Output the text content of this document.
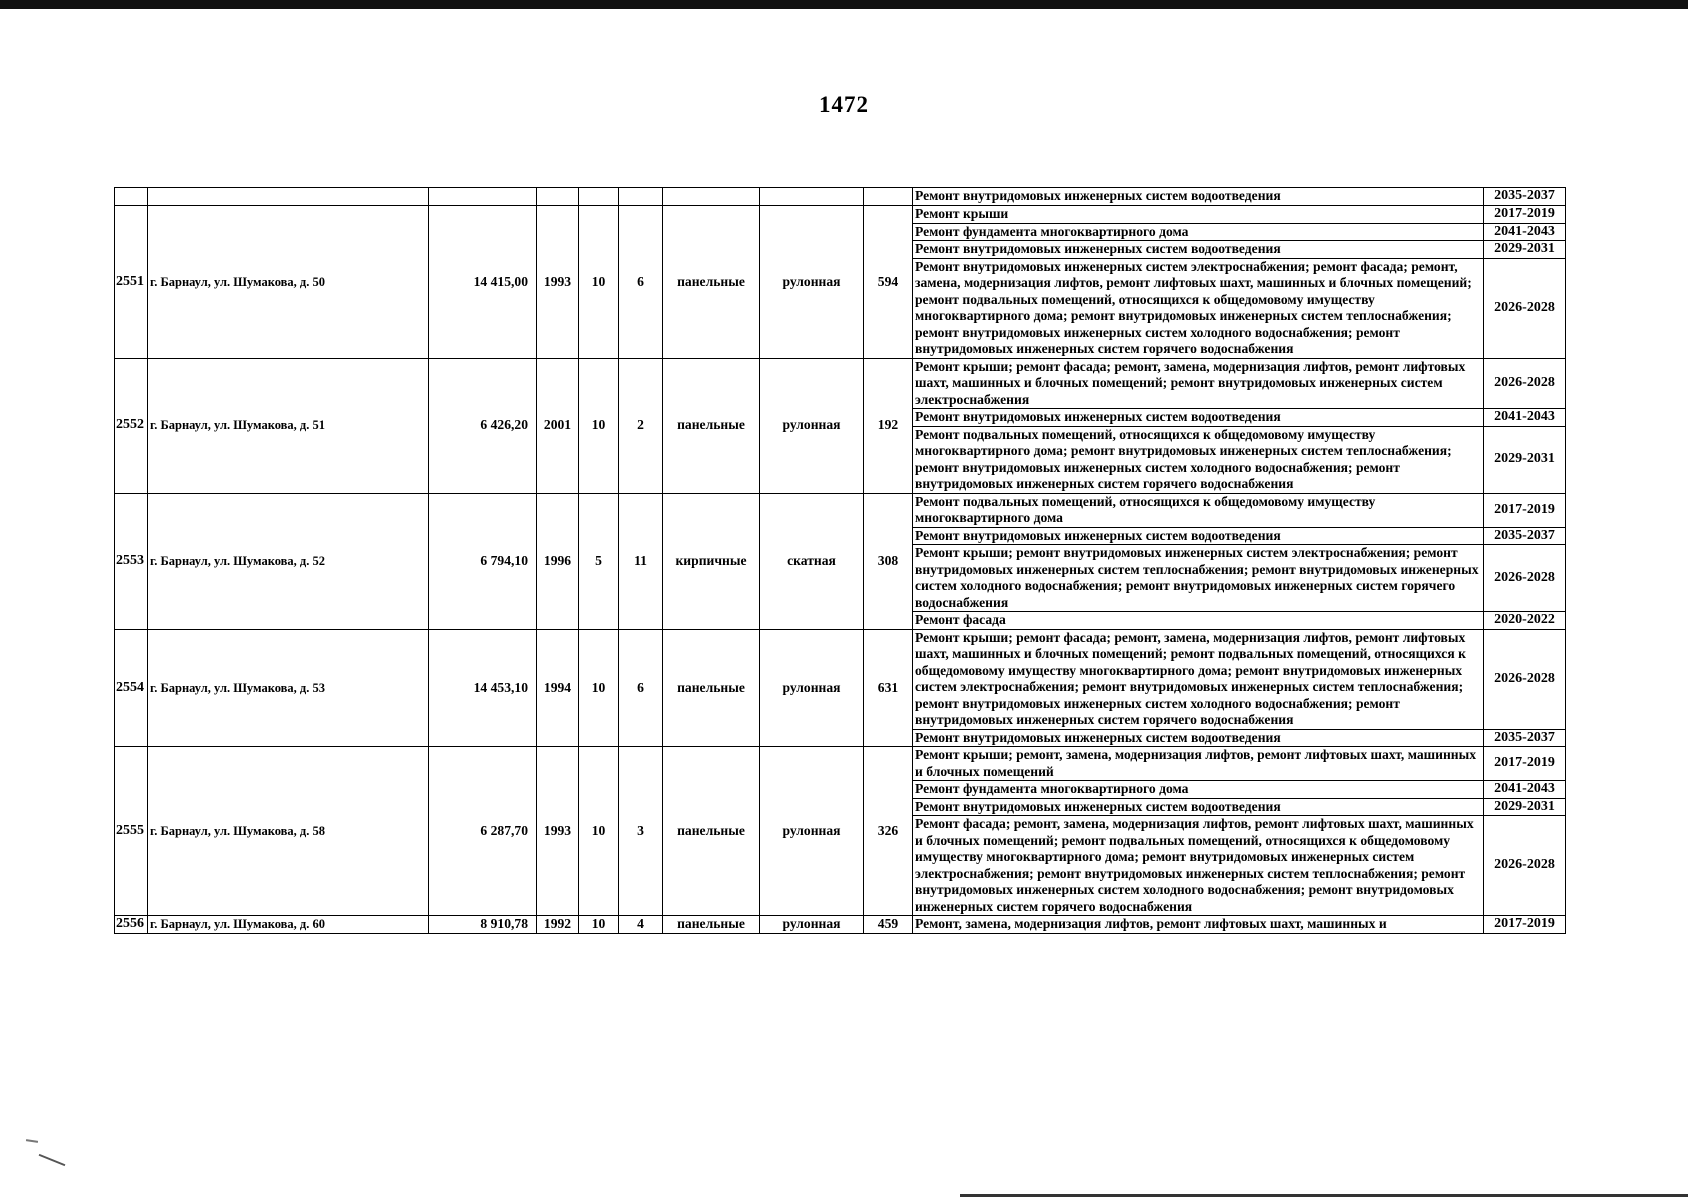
1472
									Ремонт внутридомовых инженерных систем водоотведения	2035-2037
2551	г. Барнаул, ул. Шумакова, д. 50	14 415,00	1993	10	6	панельные	рулонная	594	Ремонт крыши	2017-2019
									Ремонт фундамента многоквартирного дома	2041-2043
									Ремонт внутридомовых инженерных систем водоотведения	2029-2031
									Ремонт внутридомовых инженерных систем электроснабжения; ремонт фасада; ремонт, замена, модернизация лифтов, ремонт лифтовых шахт, машинных и блочных помещений; ремонт подвальных помещений, относящихся к общедомовому имуществу многоквартирного дома; ремонт внутридомовых инженерных систем теплоснабжения; ремонт внутридомовых инженерных систем холодного водоснабжения; ремонт внутридомовых инженерных систем горячего водоснабжения	2026-2028
2552	г. Барнаул, ул. Шумакова, д. 51	6 426,20	2001	10	2	панельные	рулонная	192	Ремонт крыши; ремонт фасада; ремонт, замена, модернизация лифтов, ремонт лифтовых шахт, машинных и блочных помещений; ремонт внутридомовых инженерных систем электроснабжения	2026-2028
									Ремонт внутридомовых инженерных систем водоотведения	2041-2043
									Ремонт подвальных помещений, относящихся к общедомовому имуществу многоквартирного дома; ремонт внутридомовых инженерных систем теплоснабжения; ремонт внутридомовых инженерных систем холодного водоснабжения; ремонт внутридомовых инженерных систем горячего водоснабжения	2029-2031
2553	г. Барнаул, ул. Шумакова, д. 52	6 794,10	1996	5	11	кирпичные	скатная	308	Ремонт подвальных помещений, относящихся к общедомовому имуществу многоквартирного дома	2017-2019
									Ремонт внутридомовых инженерных систем водоотведения	2035-2037
									Ремонт крыши; ремонт внутридомовых инженерных систем электроснабжения; ремонт внутридомовых инженерных систем теплоснабжения; ремонт внутридомовых инженерных систем холодного водоснабжения; ремонт внутридомовых инженерных систем горячего водоснабжения	2026-2028
									Ремонт фасада	2020-2022
2554	г. Барнаул, ул. Шумакова, д. 53	14 453,10	1994	10	6	панельные	рулонная	631	Ремонт крыши; ремонт фасада; ремонт, замена, модернизация лифтов, ремонт лифтовых шахт, машинных и блочных помещений; ремонт подвальных помещений, относящихся к общедомовому имуществу многоквартирного дома; ремонт внутридомовых инженерных систем электроснабжения; ремонт внутридомовых инженерных систем теплоснабжения; ремонт внутридомовых инженерных систем холодного водоснабжения; ремонт внутридомовых инженерных систем горячего водоснабжения	2026-2028
									Ремонт внутридомовых инженерных систем водоотведения	2035-2037
2555	г. Барнаул, ул. Шумакова, д. 58	6 287,70	1993	10	3	панельные	рулонная	326	Ремонт крыши; ремонт, замена, модернизация лифтов, ремонт лифтовых шахт, машинных и блочных помещений	2017-2019
									Ремонт фундамента многоквартирного дома	2041-2043
									Ремонт внутридомовых инженерных систем водоотведения	2029-2031
									Ремонт фасада; ремонт, замена, модернизация лифтов, ремонт лифтовых шахт, машинных и блочных помещений; ремонт подвальных помещений, относящихся к общедомовому имуществу многоквартирного дома; ремонт внутридомовых инженерных систем электроснабжения; ремонт внутридомовых инженерных систем теплоснабжения; ремонт внутридомовых инженерных систем холодного водоснабжения; ремонт внутридомовых инженерных систем горячего водоснабжения	2026-2028
2556	г. Барнаул, ул. Шумакова, д. 60	8 910,78	1992	10	4	панельные	рулонная	459	Ремонт, замена, модернизация лифтов, ремонт лифтовых шахт, машинных и	2017-2019
